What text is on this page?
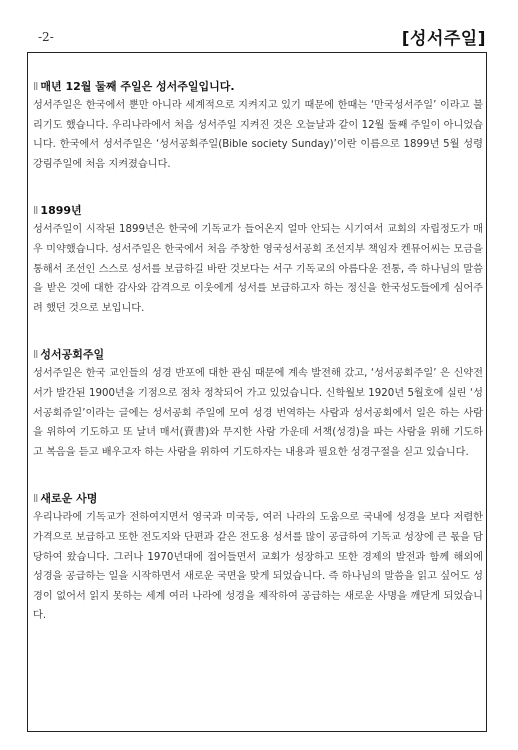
-2-	[성서주일]

Ⅱ 매년 12월 둘째 주일은 성서주일입니다.

성서주일은 한국에서 뿐만 아니라 세계적으로 지켜지고 있기 때문에 한때는 ‘만국성서주일’ 이라고 불리기도 했습니다. 우리나라에서 처음 성서주일 지켜진 것은 오늘날과 같이 12월 둘째 주일이 아니었습니다. 한국에서 성서주일은 ‘성서공회주일(Bible society Sunday)’이란 이름으로 1899년 5월 성령강림주일에 처음 지켜졌습니다.

Ⅱ 1899년

성서주일이 시작된 1899년은 한국에 기독교가 들어온지 얼마 안되는 시기여서 교회의 자립정도가 매우 미약했습니다. 성서주일은 한국에서 처음 주창한 영국성서공회 조선지부 책임자 켄뮤어씨는 모금을 통해서 조선인 스스로 성서를 보급하길 바란 것보다는 서구 기독교의 아름다운 전통, 즉 하나님의 말씀을 받은 것에 대한 감사와 감격으로 이웃에게 성서를 보급하고자 하는 정신을 한국성도들에게 심어주려 했던 것으로 보입니다.

Ⅱ 성서공회주일

성서주일은 한국 교인들의 성경 반포에 대한 관심 때문에 계속 발전해 갔고, ‘성서공회주일’ 은 신약전서가 발간된 1900년을 기점으로 점차 정착되어 가고 있었습니다. 신학월보 1920년 5월호에 실린 ‘성서공회쥬일’이라는 글에는 성서공회 주일에 모여 성경 번역하는 사람과 성서공회에서 일은 하는 사람을 위하여 기도하고 또 날녀 매서(賣書)와 무지한 사람 가운데 서책(성경)을 파는 사람을 위해 기도하고 복음을 듣고 배우고자 하는 사람을 위하여 기도하자는 내용과 필요한 성경구절을 싣고 있습니다.

Ⅱ 새로운 사명

우리나라에 기독교가 전하여지면서 영국과 미국등, 여러 나라의 도움으로 국내에 성경을 보다 저렴한 가격으로 보급하고 또한 전도지와 단편과 같은 전도용 성서를 많이 공급하여 기독교 성장에 큰 몫을 담당하여 왔습니다. 그러나 1970년대에 접어들면서 교회가 성장하고 또한 경제의 발전과 함께 해외에 성경을 공급하는 일을 시작하면서 새로운 국면을 맞게 되었습니다. 즉 하나님의 말씀을 읽고 싶어도 성경이 없어서 읽지 못하는 세계 여러 나라에 성경을 제작하여 공급하는 새로운 사명을 깨닫게 되었습니다.
